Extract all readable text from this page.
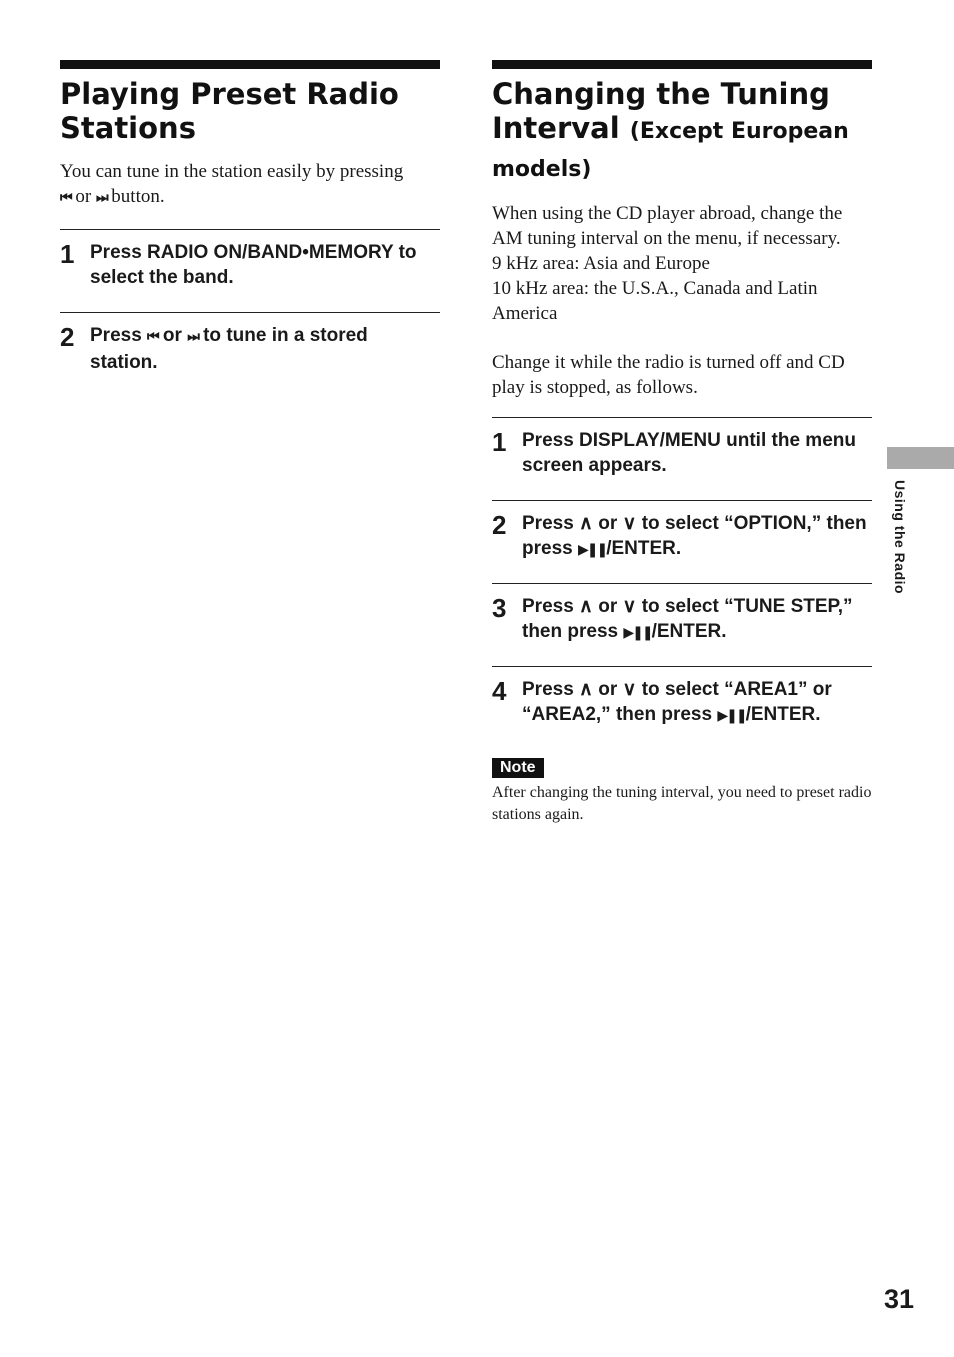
Playing Preset Radio Stations

You can tune in the station easily by pressing
⏮ or ⏭ button.

1 Press RADIO ON/BAND•MEMORY to select the band.
2 Press ⏮ or ⏭ to tune in a stored station.
Changing the Tuning Interval (Except European models)

When using the CD player abroad, change the AM tuning interval on the menu, if necessary.

9 kHz area: Asia and Europe

10 kHz area: the U.S.A., Canada and Latin America

Change it while the radio is turned off and CD play is stopped, as follows.

1 Press DISPLAY/MENU until the menu screen appears.
2 Press ∧ or ∨ to select “OPTION,” then press ▶❚❚/ENTER.
3 Press ∧ or ∨ to select “TUNE STEP,” then press ▶❚❚/ENTER.
4 Press ∧ or ∨ to select “AREA1” or “AREA2,” then press ▶❚❚/ENTER.
Note
After changing the tuning interval, you need to preset radio stations again.
Using the Radio
31
